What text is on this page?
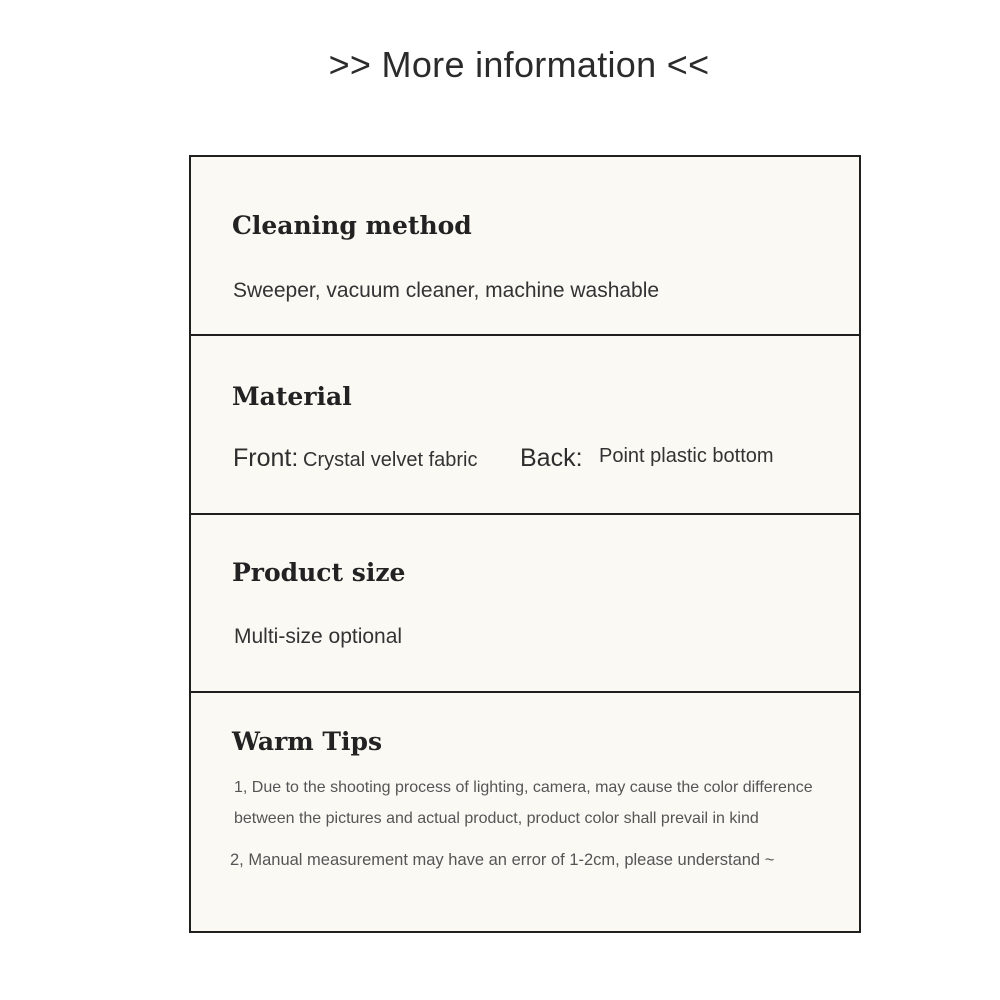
>> More information <<
Cleaning method
Sweeper, vacuum cleaner, machine washable
Material
Front: Crystal velvet fabric Back: Point plastic bottom
Product size
Multi-size optional
Warm Tips
1, Due to the shooting process of lighting, camera, may cause the color difference
between the pictures and actual product, product color shall prevail in kind
2, Manual measurement may have an error of 1-2cm, please understand ~
